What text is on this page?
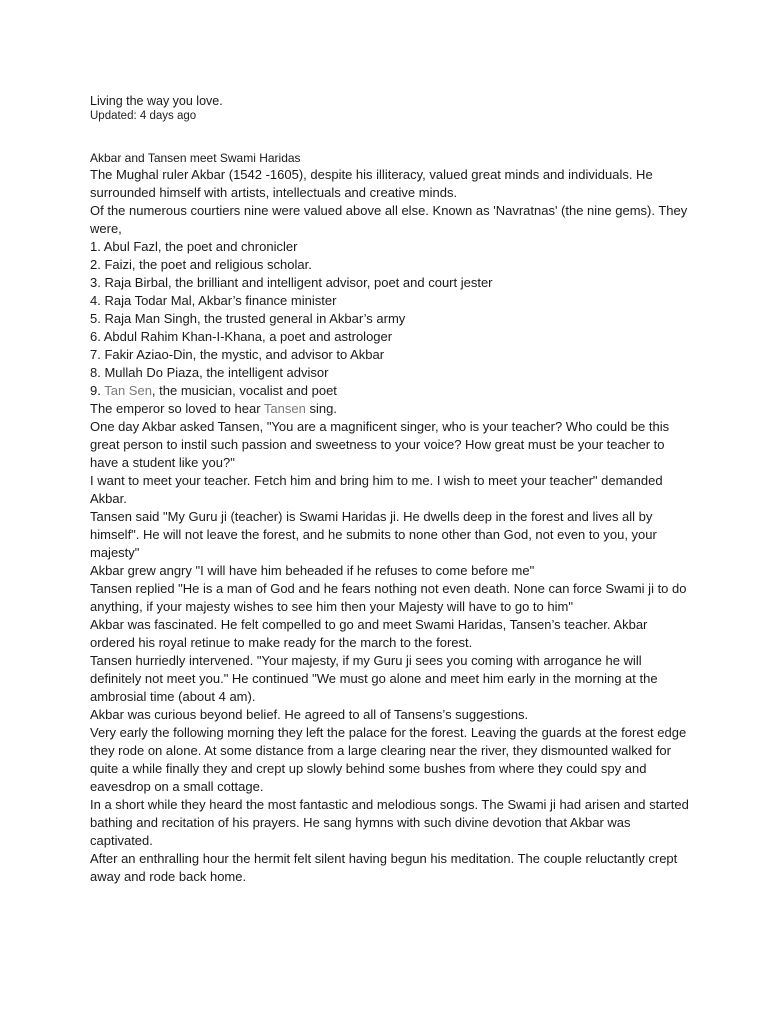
Living the way you love.

Updated: 4 days ago

Akbar and Tansen meet Swami Haridas

The Mughal ruler Akbar (1542 -1605), despite his illiteracy, valued great minds and individuals. He surrounded himself with artists, intellectuals and creative minds.

Of the numerous courtiers nine were valued above all else. Known as 'Navratnas' (the nine gems). They were,

1. Abul Fazl, the poet and chronicler

2. Faizi, the poet and religious scholar.

3. Raja Birbal, the brilliant and intelligent advisor, poet and court jester

4. Raja Todar Mal, Akbar’s finance minister

5. Raja Man Singh, the trusted general in Akbar’s army

6. Abdul Rahim Khan-I-Khana, a poet and astrologer

7. Fakir Aziao-Din, the mystic, and advisor to Akbar

8. Mullah Do Piaza, the intelligent advisor

9. Tan Sen, the musician, vocalist and poet

The emperor so loved to hear Tansen sing.

One day Akbar asked Tansen, "You are a magnificent singer, who is your teacher? Who could be this great person to instil such passion and sweetness to your voice? How great must be your teacher to have a student like you?"

I want to meet your teacher. Fetch him and bring him to me. I wish to meet your teacher" demanded Akbar.

Tansen said "My Guru ji (teacher) is Swami Haridas ji. He dwells deep in the forest and lives all by himself". He will not leave the forest, and he submits to none other than God, not even to you, your majesty"

Akbar grew angry "I will have him beheaded if he refuses to come before me"

Tansen replied "He is a man of God and he fears nothing not even death. None can force Swami ji to do anything, if your majesty wishes to see him then your Majesty will have to go to him"

Akbar was fascinated. He felt compelled to go and meet Swami Haridas, Tansen’s teacher. Akbar ordered his royal retinue to make ready for the march to the forest.

Tansen hurriedly intervened. "Your majesty, if my Guru ji sees you coming with arrogance he will definitely not meet you." He continued "We must go alone and meet him early in the morning at the ambrosial time (about 4 am).

Akbar was curious beyond belief. He agreed to all of Tansens’s suggestions.

Very early the following morning they left the palace for the forest. Leaving the guards at the forest edge they rode on alone. At some distance from a large clearing near the river, they dismounted walked for quite a while finally they and crept up slowly behind some bushes from where they could spy and eavesdrop on a small cottage.

In a short while they heard the most fantastic and melodious songs. The Swami ji had arisen and started bathing and recitation of his prayers. He sang hymns with such divine devotion that Akbar was captivated.

After an enthralling hour the hermit felt silent having begun his meditation. The couple reluctantly crept away and rode back home.
